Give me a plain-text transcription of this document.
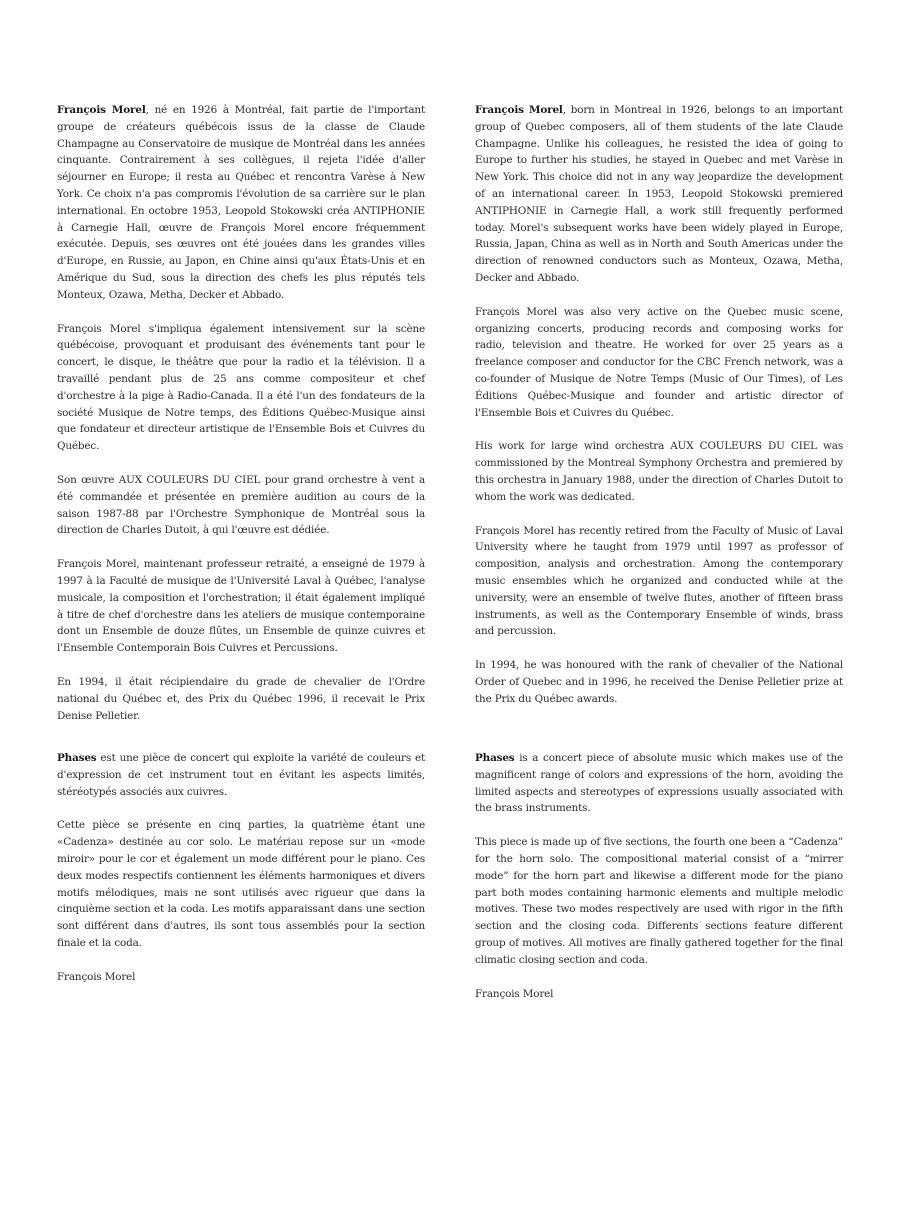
François Morel, né en 1926 à Montréal, fait partie de l'important groupe de créateurs québécois issus de la classe de Claude Champagne au Conservatoire de musique de Montréal dans les années cinquante. Contrairement à ses collègues, il rejeta l'idée d'aller séjourner en Europe; il resta au Québec et rencontra Varèse à New York. Ce choix n'a pas compromis l'évolution de sa carrière sur le plan international. En octobre 1953, Leopold Stokowski créa ANTIPHONIE à Carnegie Hall, œuvre de François Morel encore fréquemment exécutée. Depuis, ses œuvres ont été jouées dans les grandes villes d'Europe, en Russie, au Japon, en Chine ainsi qu'aux États-Unis et en Amérique du Sud, sous la direction des chefs les plus réputés tels Monteux, Ozawa, Metha, Decker et Abbado.

François Morel s'impliqua également intensivement sur la scène québécoise, provoquant et produisant des événements tant pour le concert, le disque, le théâtre que pour la radio et la télévision. Il a travaillé pendant plus de 25 ans comme compositeur et chef d'orchestre à la pige à Radio-Canada. Il a été l'un des fondateurs de la société Musique de Notre temps, des Éditions Québec-Musique ainsi que fondateur et directeur artistique de l'Ensemble Bois et Cuivres du Québec.

Son œuvre AUX COULEURS DU CIEL pour grand orchestre à vent a été commandée et présentée en première audition au cours de la saison 1987-88 par l'Orchestre Symphonique de Montréal sous la direction de Charles Dutoit, à qui l'œuvre est dédiée.

François Morel, maintenant professeur retraité, a enseigné de 1979 à 1997 à la Faculté de musique de l'Université Laval à Québec, l'analyse musicale, la composition et l'orchestration; il était également impliqué à titre de chef d'orchestre dans les ateliers de musique contemporaine dont un Ensemble de douze flûtes, un Ensemble de quinze cuivres et l'Ensemble Contemporain Bois Cuivres et Percussions.

En 1994, il était récipiendaire du grade de chevalier de l'Ordre national du Québec et, des Prix du Québec 1996, il recevait le Prix Denise Pelletier.

François Morel, born in Montreal in 1926, belongs to an important group of Quebec composers, all of them students of the late Claude Champagne. Unlike his colleagues, he resisted the idea of going to Europe to further his studies, he stayed in Quebec and met Varèse in New York. This choice did not in any way jeopardize the development of an international career. In 1953, Leopold Stokowski premiered ANTIPHONIE in Carnegie Hall, a work still frequently performed today. Morel's subsequent works have been widely played in Europe, Russia, Japan, China as well as in North and South Americas under the direction of renowned conductors such as Monteux, Ozawa, Metha, Decker and Abbado.

François Morel was also very active on the Quebec music scene, organizing concerts, producing records and composing works for radio, television and theatre. He worked for over 25 years as a freelance composer and conductor for the CBC French network, was a co-founder of Musique de Notre Temps (Music of Our Times), of Les Éditions Québec-Musique and founder and artistic director of l'Ensemble Bois et Cuivres du Québec.

His work for large wind orchestra AUX COULEURS DU CIEL was commissioned by the Montreal Symphony Orchestra and premiered by this orchestra in January 1988, under the direction of Charles Dutoit to whom the work was dedicated.

François Morel has recently retired from the Faculty of Music of Laval University where he taught from 1979 until 1997 as professor of composition, analysis and orchestration. Among the contemporary music ensembles which he organized and conducted while at the university, were an ensemble of twelve flutes, another of fifteen brass instruments, as well as the Contemporary Ensemble of winds, brass and percussion.

In 1994, he was honoured with the rank of chevalier of the National Order of Quebec and in 1996, he received the Denise Pelletier prize at the Prix du Québec awards.

Phases est une pièce de concert qui exploite la variété de couleurs et d'expression de cet instrument tout en évitant les aspects limités, stéréotypés associés aux cuivres.

Cette pièce se présente en cinq parties, la quatrième étant une «Cadenza» destinée au cor solo. Le matériau repose sur un «mode miroir» pour le cor et également un mode différent pour le piano. Ces deux modes respectifs contiennent les éléments harmoniques et divers motifs mélodiques, mais ne sont utilisés avec rigueur que dans la cinquième section et la coda. Les motifs apparaissant dans une section sont différent dans d'autres, ils sont tous assemblés pour la section finale et la coda.

François Morel

Phases is a concert piece of absolute music which makes use of the magnificent range of colors and expressions of the horn, avoiding the limited aspects and stereotypes of expressions usually associated with the brass instruments.

This piece is made up of five sections, the fourth one been a “Cadenza” for the horn solo. The compositional material consist of a “mirrer mode” for the horn part and likewise a different mode for the piano part both modes containing harmonic elements and multiple melodic motives. These two modes respectively are used with rigor in the fifth section and the closing coda. Differents sections feature different group of motives. All motives are finally gathered together for the final climatic closing section and coda.

François Morel
